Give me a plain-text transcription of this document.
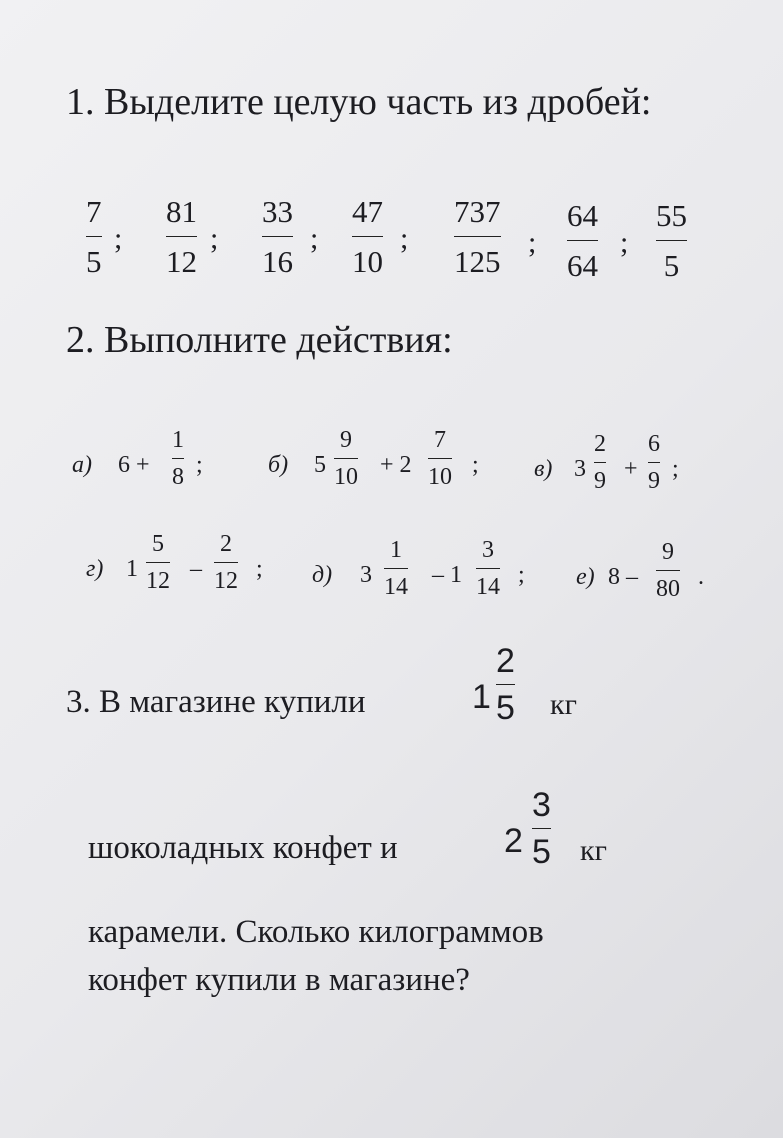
1. Выделите целую часть из дробей:
7
5
;
81
12
;
33
16
;
47
10
;
737
125
;
64
64
;
55
5
2. Выполните действия:
а) 6 +
1
8 ;	б) 5
9
10 + 2
7
10 ; в) 3
2
9 +
6
9 ;
г) 1
5
12 –
2
12 ; д) 3
1
14 – 1
3
14 ; е) 8 –
9
80 .
3. В магазине купили	1
2
5 кг
шоколадных конфет и	2
3
5 кг
карамели. Сколько килограммов
конфет купили в магазине?
